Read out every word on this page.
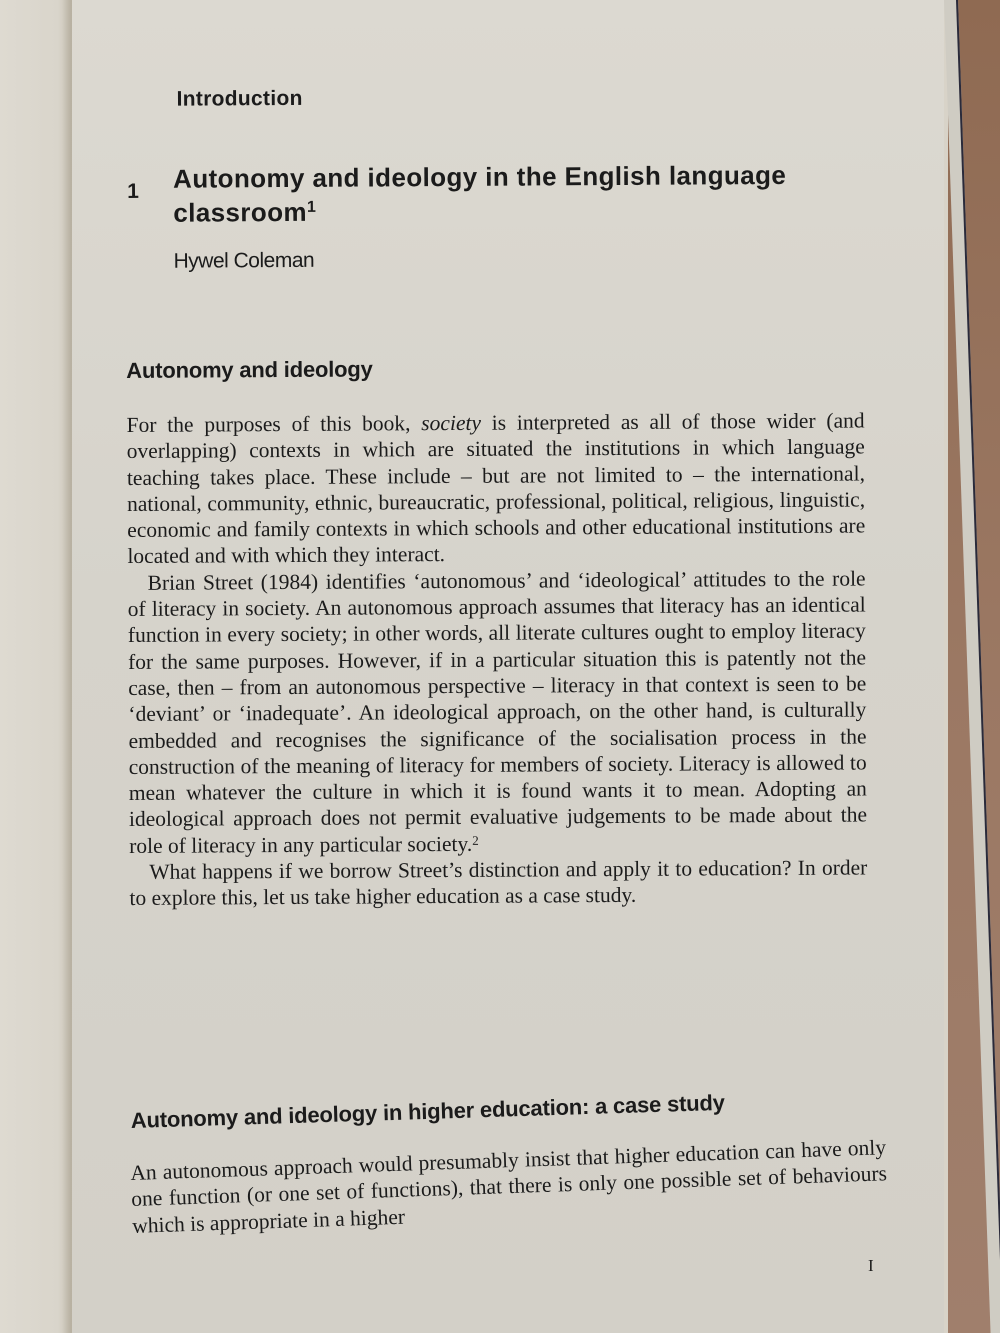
Introduction
1 Autonomy and ideology in the English language classroom$^1$
Hywel Coleman
Autonomy and ideology

For the purposes of this book, society is interpreted as all of those wider (and overlapping) contexts in which are situated the institutions in which language teaching takes place. These include – but are not limited to – the international, national, community, ethnic, bureaucratic, professional, political, religious, linguistic, economic and family contexts in which schools and other educational institutions are located and with which they interact.

Brian Street (1984) identifies ‘autonomous’ and ‘ideological’ attitudes to the role of literacy in society. An autonomous approach assumes that literacy has an identical function in every society; in other words, all literate cultures ought to employ literacy for the same purposes. However, if in a particular situation this is patently not the case, then – from an autonomous perspective – literacy in that context is seen to be ‘deviant’ or ‘inadequate’. An ideological approach, on the other hand, is culturally embedded and recognises the significance of the socialisation process in the construction of the meaning of literacy for members of society. Literacy is allowed to mean whatever the culture in which it is found wants it to mean. Adopting an ideological approach does not permit evaluative judgements to be made about the role of literacy in any particular society.$^2$

What happens if we borrow Street’s distinction and apply it to education? In order to explore this, let us take higher education as a case study.

Autonomy and ideology in higher education: a case study

An autonomous approach would presumably insist that higher education can have only one function (or one set of functions), that there is only one possible set of behaviours which is appropriate in a higher

I
